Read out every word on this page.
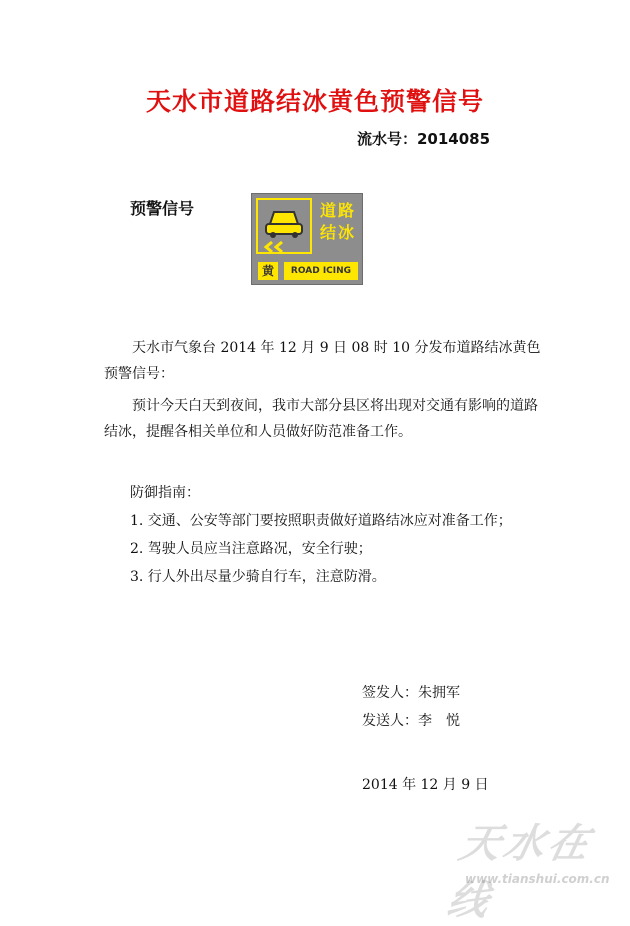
天水市道路结冰黄色预警信号
流水号：2014085
预警信号	道路结冰
黄	ROAD ICING
天水市气象台 2014 年 12 月 9 日 08 时 10 分发布道路结冰黄色预警信号：
预计今天白天到夜间，我市大部分县区将出现对交通有影响的道路结冰，提醒各相关单位和人员做好防范准备工作。
防御指南：
1. 交通、公安等部门要按照职责做好道路结冰应对准备工作；
2. 驾驶人员应当注意路况，安全行驶；
3. 行人外出尽量少骑自行车，注意防滑。
签发人：朱拥军
发送人：李　悦
2014 年 12 月 9 日
天水在线
www.tianshui.com.cn
